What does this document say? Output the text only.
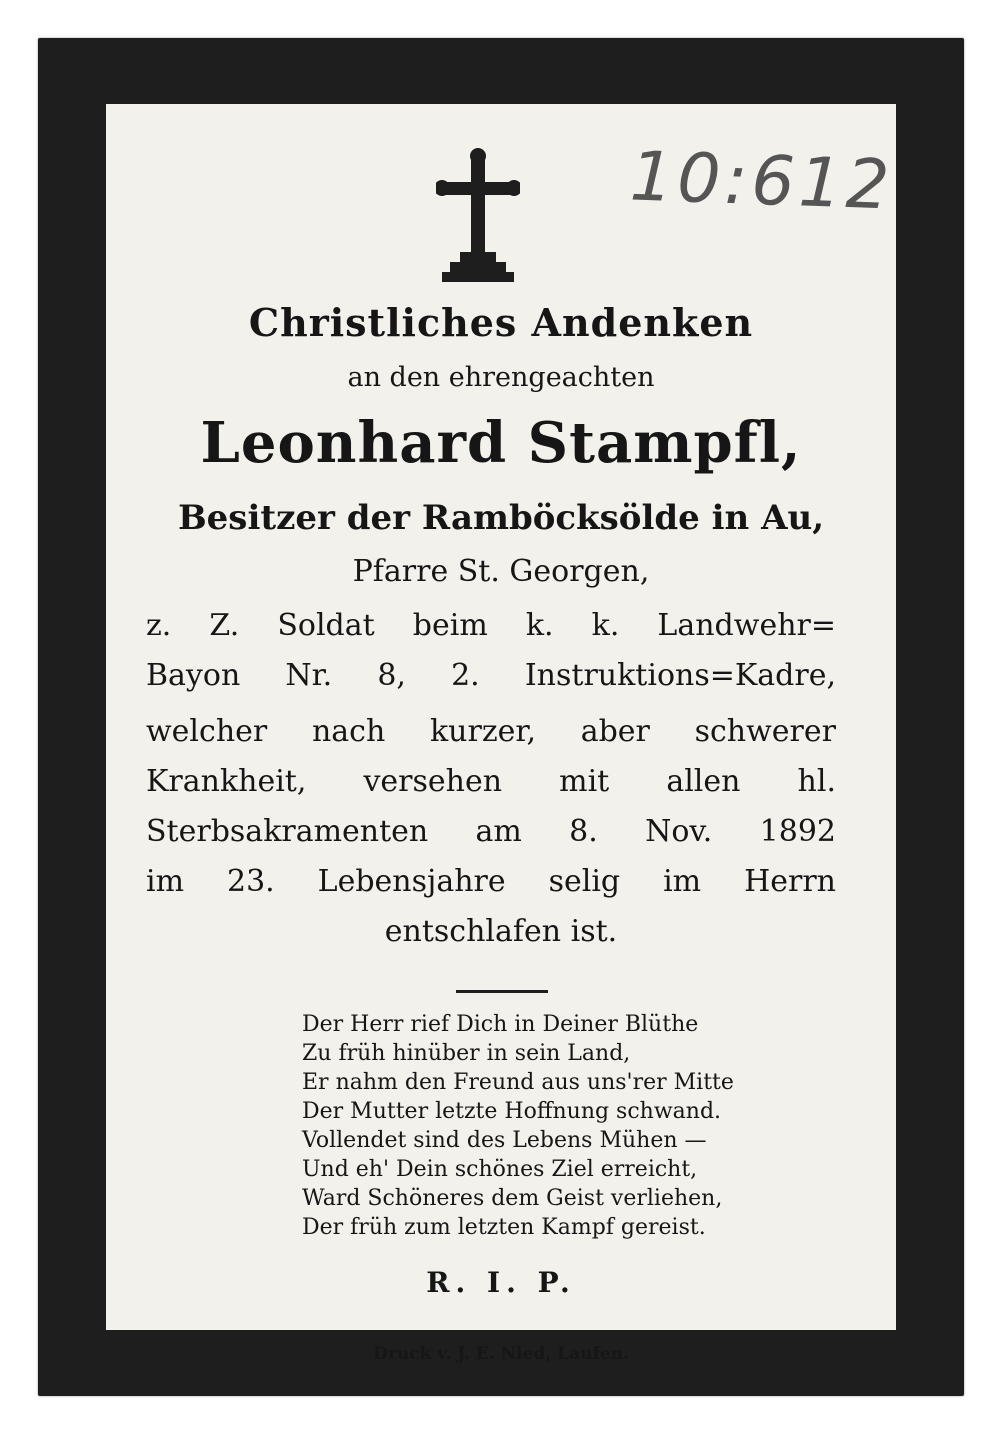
10:612
Christliches Andenken
an den ehrengeachten
Leonhard Stampfl,
Besitzer der Ramböcksölde in Au,
Pfarre St. Georgen,
z. Z. Soldat beim k. k. Landwehr=
Bayon Nr. 8, 2. Instruktions=Kadre,
welcher nach kurzer, aber schwerer
Krankheit, versehen mit allen hl.
Sterbsakramenten am 8. Nov. 1892
im 23. Lebensjahre selig im Herrn
entschlafen ist.
Der Herr rief Dich in Deiner Blüthe
Zu früh hinüber in sein Land,
Er nahm den Freund aus uns'rer Mitte
Der Mutter letzte Hoffnung schwand.
Vollendet sind des Lebens Mühen —
Und eh' Dein schönes Ziel erreicht,
Ward Schöneres dem Geist verliehen,
Der früh zum letzten Kampf gereist.
R. I. P.
Druck v. J. E. Nied, Laufen.
